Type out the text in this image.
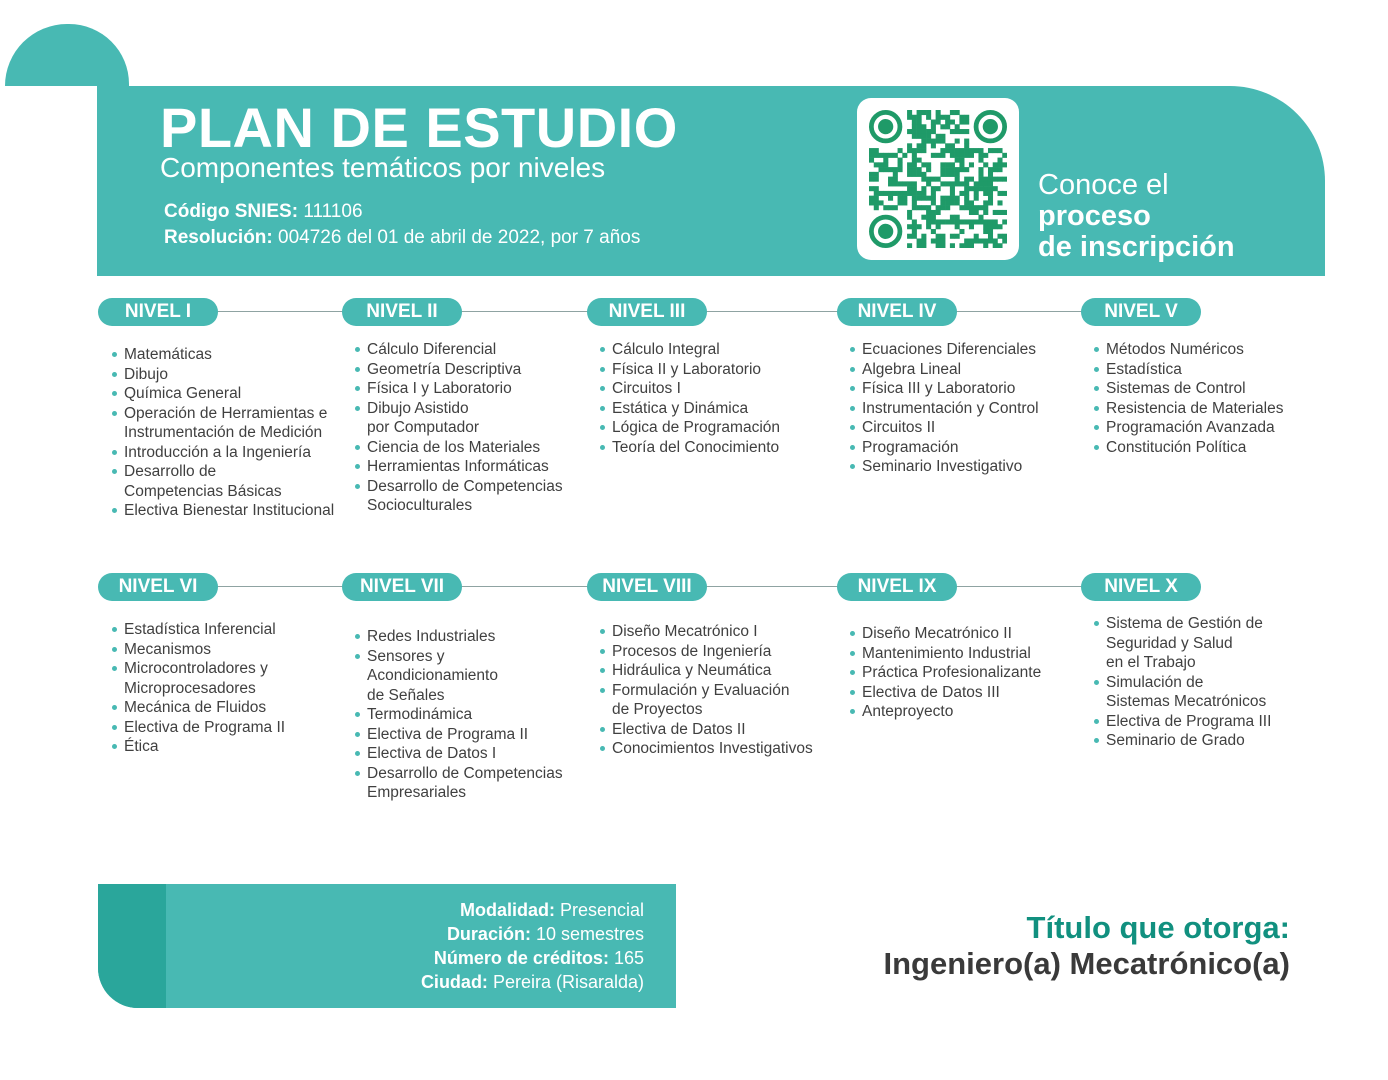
PLAN DE ESTUDIO
Componentes temáticos por niveles
Código SNIES: 111106
Resolución: 004726 del 01 de abril de 2022, por 7 años
Conoce el
proceso
de inscripción
NIVEL I	NIVEL II	NIVEL III	NIVEL IV	NIVEL V
NIVEL VI	NIVEL VII	NIVEL VIII	NIVEL IX	NIVEL X
Matemáticas
Dibujo
Química General
Operación de Herramientas e
Instrumentación de Medición
Introducción a la Ingeniería
Desarrollo de
Competencias Básicas
Electiva Bienestar Institucional
Cálculo Diferencial
Geometría Descriptiva
Física I y Laboratorio
Dibujo Asistido
por Computador
Ciencia de los Materiales
Herramientas Informáticas
Desarrollo de Competencias
Socioculturales
Cálculo Integral
Física II y Laboratorio
Circuitos I
Estática y Dinámica
Lógica de Programación
Teoría del Conocimiento
Ecuaciones Diferenciales
Algebra Lineal
Física III y Laboratorio
Instrumentación y Control
Circuitos II
Programación
Seminario Investigativo
Métodos Numéricos
Estadística
Sistemas de Control
Resistencia de Materiales
Programación Avanzada
Constitución Política
Estadística Inferencial
Mecanismos
Microcontroladores y
Microprocesadores
Mecánica de Fluidos
Electiva de Programa II
Ética
Redes Industriales
Sensores y
Acondicionamiento
de Señales
Termodinámica
Electiva de Programa II
Electiva de Datos I
Desarrollo de Competencias
Empresariales
Diseño Mecatrónico I
Procesos de Ingeniería
Hidráulica y Neumática
Formulación y Evaluación
de Proyectos
Electiva de Datos II
Conocimientos Investigativos
Diseño Mecatrónico II
Mantenimiento Industrial
Práctica Profesionalizante
Electiva de Datos III
Anteproyecto
Sistema de Gestión de
Seguridad y Salud
en el Trabajo
Simulación de
Sistemas Mecatrónicos
Electiva de Programa III
Seminario de Grado
Modalidad: Presencial
Duración: 10 semestres
Número de créditos: 165
Ciudad: Pereira (Risaralda)
Título que otorga:
Ingeniero(a) Mecatrónico(a)
